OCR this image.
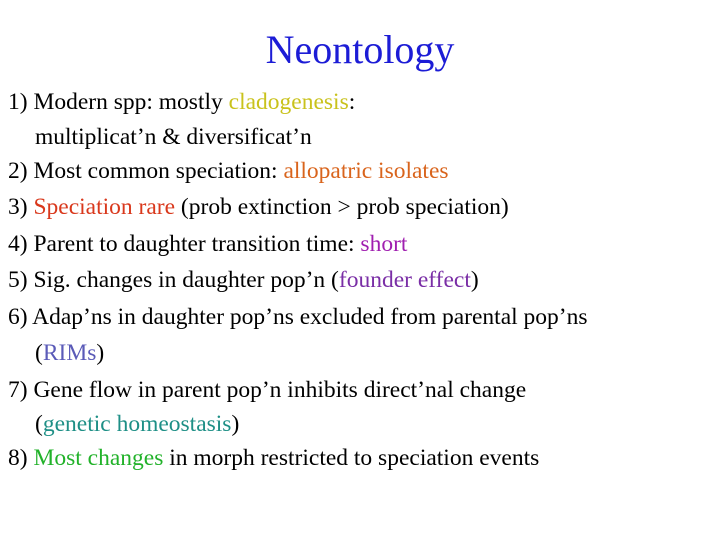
Neontology
1) Modern spp: mostly cladogenesis:
multiplicat’n & diversificat’n
2) Most common speciation: allopatric isolates
3) Speciation rare (prob extinction > prob speciation)
4) Parent to daughter transition time: short
5) Sig. changes in daughter pop’n (founder effect)
6) Adap’ns in daughter pop’ns excluded from parental pop’ns
(RIMs)
7) Gene flow in parent pop’n inhibits direct’nal change
(genetic homeostasis)
8) Most changes in morph restricted to speciation events
